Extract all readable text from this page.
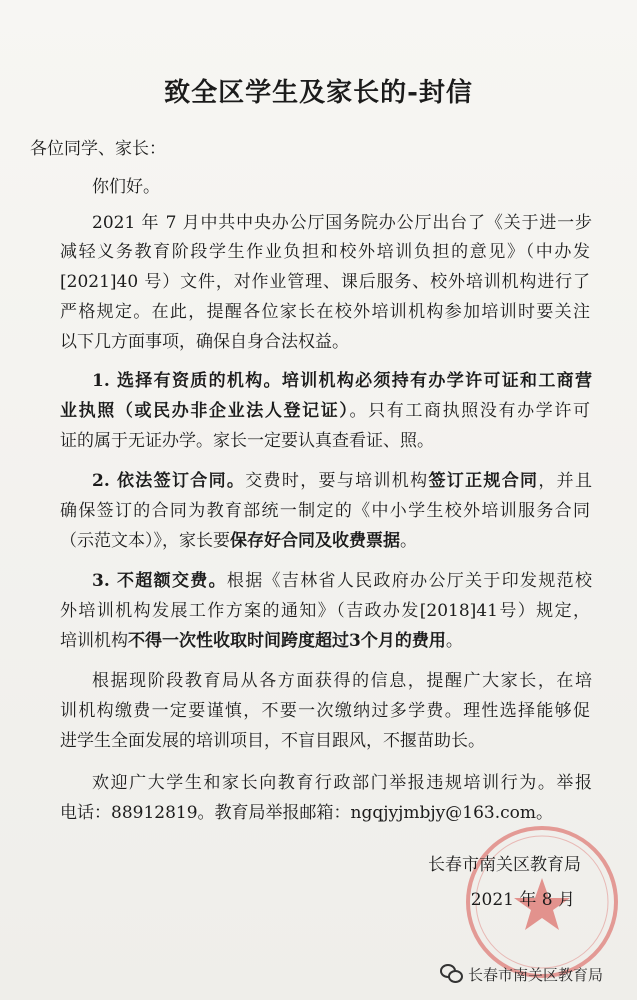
致全区学生及家长的-封信
各位同学、家长：
你们好。
2021 年 7 月中共中央办公厅国务院办公厅出台了《关于进一步
减轻义务教育阶段学生作业负担和校外培训负担的意见》（中办发
[2021]40 号）文件，对作业管理、课后服务、校外培训机构进行了
严格规定。在此，提醒各位家长在校外培训机构参加培训时要关注
以下几方面事项，确保自身合法权益。
1. 选择有资质的机构。培训机构必须持有办学许可证和工商营
业执照（或民办非企业法人登记证）。只有工商执照没有办学许可
证的属于无证办学。家长一定要认真查看证、照。
2. 依法签订合同。交费时，要与培训机构签订正规合同，并且
确保签订的合同为教育部统一制定的《中小学生校外培训服务合同
（示范文本）》，家长要保存好合同及收费票据。
3. 不超额交费。根据《吉林省人民政府办公厅关于印发规范校
外培训机构发展工作方案的通知》（吉政办发[2018]41号）规定，
培训机构不得一次性收取时间跨度超过3个月的费用。
根据现阶段教育局从各方面获得的信息，提醒广大家长，在培
训机构缴费一定要谨慎，不要一次缴纳过多学费。理性选择能够促
进学生全面发展的培训项目，不盲目跟风，不揠苗助长。
欢迎广大学生和家长向教育行政部门举报违规培训行为。举报
电话：88912819。教育局举报邮箱：ngqjyjmbjy@163.com。
长春市南关区教育局
2021 年 8 月
长春市南关区教育局
